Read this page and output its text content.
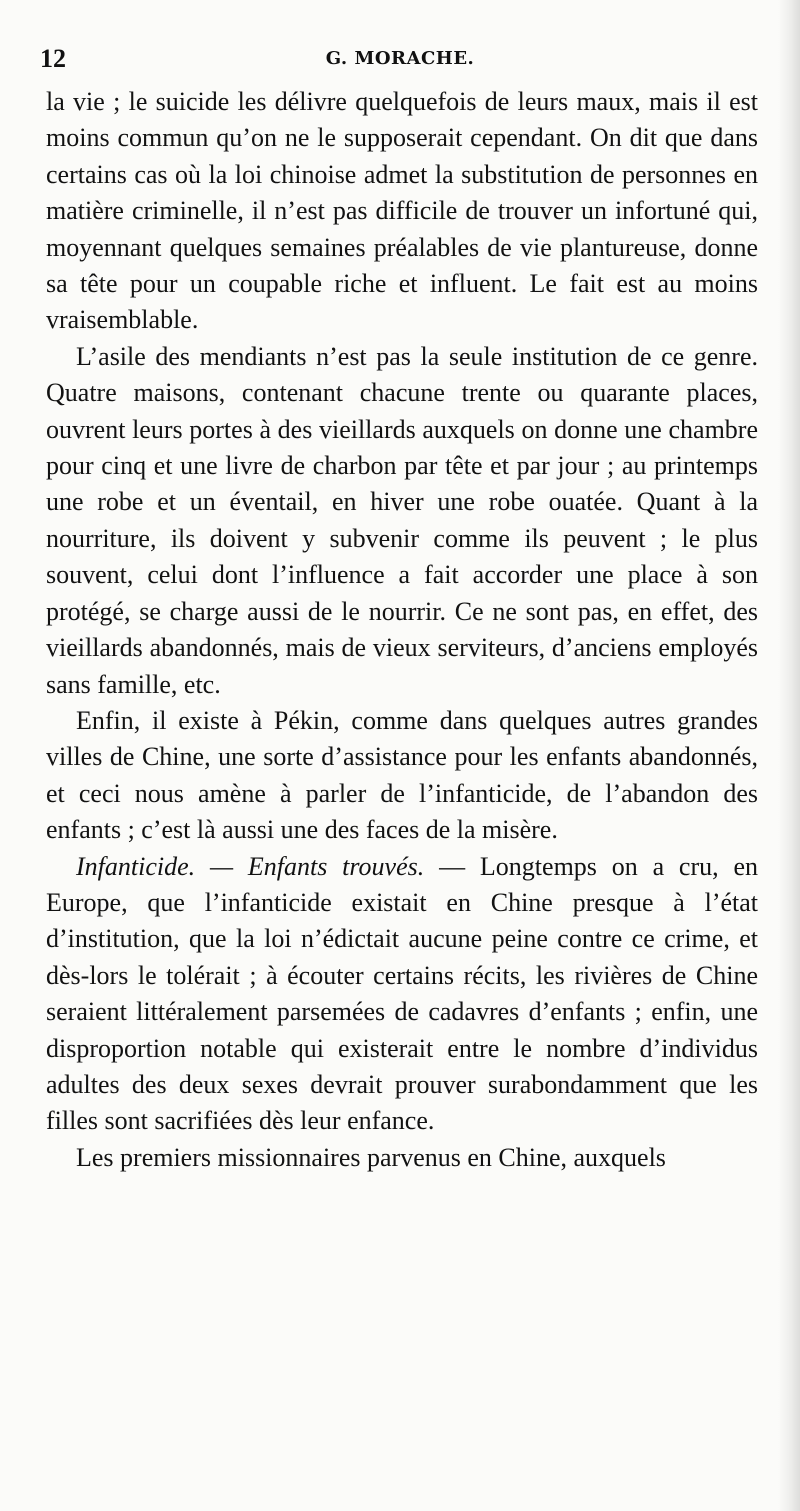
12	G. MORACHE.

la vie ; le suicide les délivre quelquefois de leurs maux, mais il est moins commun qu’on ne le supposerait cependant. On dit que dans certains cas où la loi chinoise admet la substitution de personnes en matière criminelle, il n’est pas difficile de trouver un infortuné qui, moyennant quelques semaines préalables de vie plantureuse, donne sa tête pour un coupable riche et influent. Le fait est au moins vraisemblable.

L’asile des mendiants n’est pas la seule institution de ce genre. Quatre maisons, contenant chacune trente ou quarante places, ouvrent leurs portes à des vieillards auxquels on donne une chambre pour cinq et une livre de charbon par tête et par jour ; au printemps une robe et un éventail, en hiver une robe ouatée. Quant à la nourriture, ils doivent y subvenir comme ils peuvent ; le plus souvent, celui dont l’influence a fait accorder une place à son protégé, se charge aussi de le nourrir. Ce ne sont pas, en effet, des vieillards abandonnés, mais de vieux serviteurs, d’anciens employés sans famille, etc.

Enfin, il existe à Pékin, comme dans quelques autres grandes villes de Chine, une sorte d’assistance pour les enfants abandonnés, et ceci nous amène à parler de l’infanticide, de l’abandon des enfants ; c’est là aussi une des faces de la misère.

Infanticide. — Enfants trouvés. — Longtemps on a cru, en Europe, que l’infanticide existait en Chine presque à l’état d’institution, que la loi n’édictait aucune peine contre ce crime, et dès-lors le tolérait ; à écouter certains récits, les rivières de Chine seraient littéralement parsemées de cadavres d’enfants ; enfin, une disproportion notable qui existerait entre le nombre d’individus adultes des deux sexes devrait prouver surabondamment que les filles sont sacrifiées dès leur enfance.

Les premiers missionnaires parvenus en Chine, auxquels
